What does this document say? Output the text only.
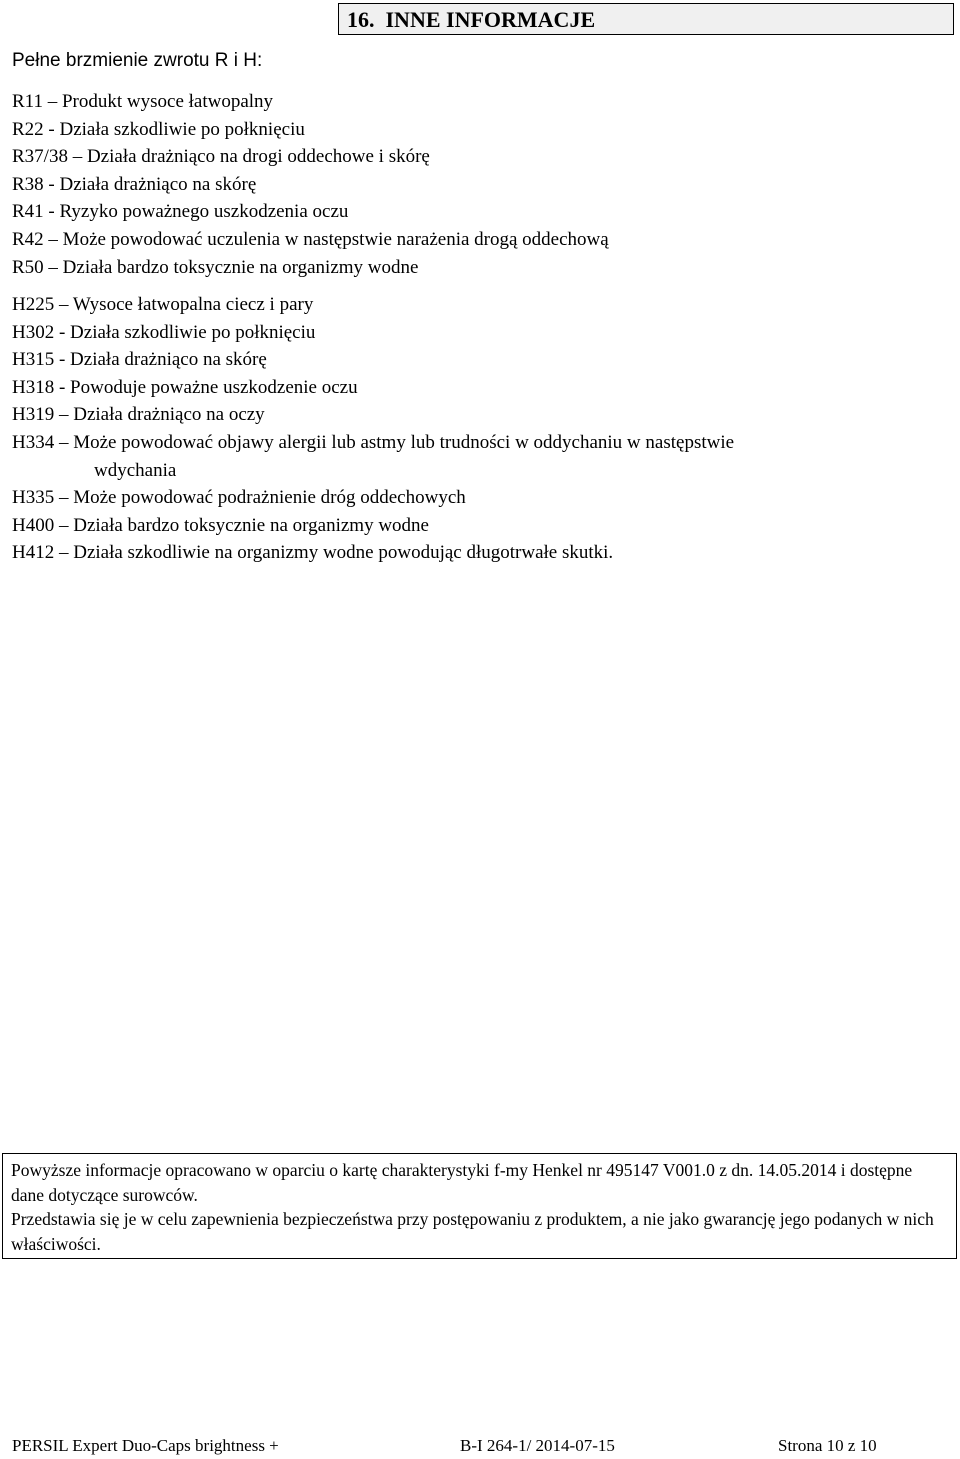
16. INNE INFORMACJE
Pełne brzmienie zwrotu R i H:
R11 – Produkt wysoce łatwopalny
R22 - Działa szkodliwie po połknięciu
R37/38 – Działa drażniąco na drogi oddechowe i skórę
R38 - Działa drażniąco na skórę
R41 - Ryzyko poważnego uszkodzenia oczu
R42 – Może powodować uczulenia w następstwie narażenia drogą oddechową
R50 – Działa bardzo toksycznie na organizmy wodne
H225 – Wysoce łatwopalna ciecz i pary
H302 - Działa szkodliwie po połknięciu
H315 - Działa drażniąco na skórę
H318 - Powoduje poważne uszkodzenie oczu
H319 – Działa drażniąco na oczy
H334 – Może powodować objawy alergii lub astmy lub trudności w oddychaniu w następstwie
wdychania
H335 – Może powodować podrażnienie dróg oddechowych
H400 – Działa bardzo toksycznie na organizmy wodne
H412 – Działa szkodliwie na organizmy wodne powodując długotrwałe skutki.

Powyższe informacje opracowano w oparciu o kartę charakterystyki f-my Henkel nr 495147 V001.0 z dn. 14.05.2014 i dostępne dane dotyczące surowców.

Przedstawia się je w celu zapewnienia bezpieczeństwa przy postępowaniu z produktem, a nie jako gwarancję jego podanych w nich właściwości.

PERSIL Expert Duo-Caps brightness +	B-I 264-1/ 2014-07-15	Strona 10 z 10
